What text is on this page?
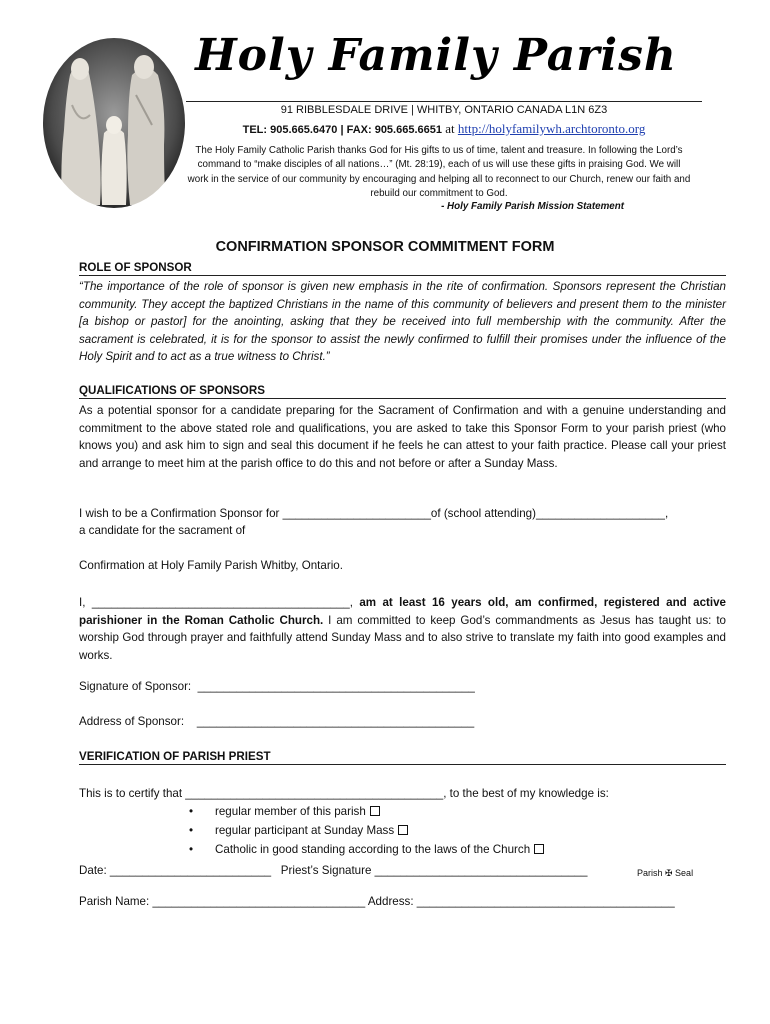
Holy Family Parish
91 RIBBLESDALE DRIVE | WHITBY, ONTARIO CANADA L1N 6Z3
TEL: 905.665.6470 | FAX: 905.665.6651 at http://holyfamilywh.archtoronto.org
The Holy Family Catholic Parish thanks God for His gifts to us of time, talent and treasure. In following the Lord’s command to “make disciples of all nations…” (Mt. 28:19), each of us will use these gifts in praising God. We will work in the service of our community by encouraging and helping all to reconnect to our Church, renew our faith and rebuild our commitment to God.
- Holy Family Parish Mission Statement
CONFIRMATION SPONSOR COMMITMENT FORM
ROLE OF SPONSOR
“The importance of the role of sponsor is given new emphasis in the rite of confirmation. Sponsors represent the Christian community. They accept the baptized Christians in the name of this community of believers and present them to the minister [a bishop or pastor] for the anointing, asking that they be received into full membership with the community. After the sacrament is celebrated, it is for the sponsor to assist the newly confirmed to fulfill their promises under the influence of the Holy Spirit and to act as a true witness to Christ.”
QUALIFICATIONS OF SPONSORS
As a potential sponsor for a candidate preparing for the Sacrament of Confirmation and with a genuine understanding and commitment to the above stated role and qualifications, you are asked to take this Sponsor Form to your parish priest (who knows you) and ask him to sign and seal this document if he feels he can attest to your faith practice. Please call your priest and arrange to meet him at the parish office to do this and not before or after a Sunday Mass.
I wish to be a Confirmation Sponsor for _______________________of (school attending)____________________,
a candidate for the sacrament of
Confirmation at Holy Family Parish Whitby, Ontario.
I, ________________________________________, am at least 16 years old, am confirmed, registered and active parishioner in the Roman Catholic Church. I am committed to keep God’s commandments as Jesus has taught us: to worship God through prayer and faithfully attend Sunday Mass and to also strive to translate my faith into good examples and works.
Signature of Sponsor:  ___________________________________________
Address of Sponsor:    ___________________________________________
VERIFICATION OF PARISH PRIEST
This is to certify that ________________________________________, to the best of my knowledge is:
• regular member of this parish
• regular participant at Sunday Mass
• Catholic in good standing according to the laws of the Church
Date: _________________________   Priest’s Signature _________________________________	Parish ✠ Seal
Parish Name: _________________________________ Address: ________________________________________
